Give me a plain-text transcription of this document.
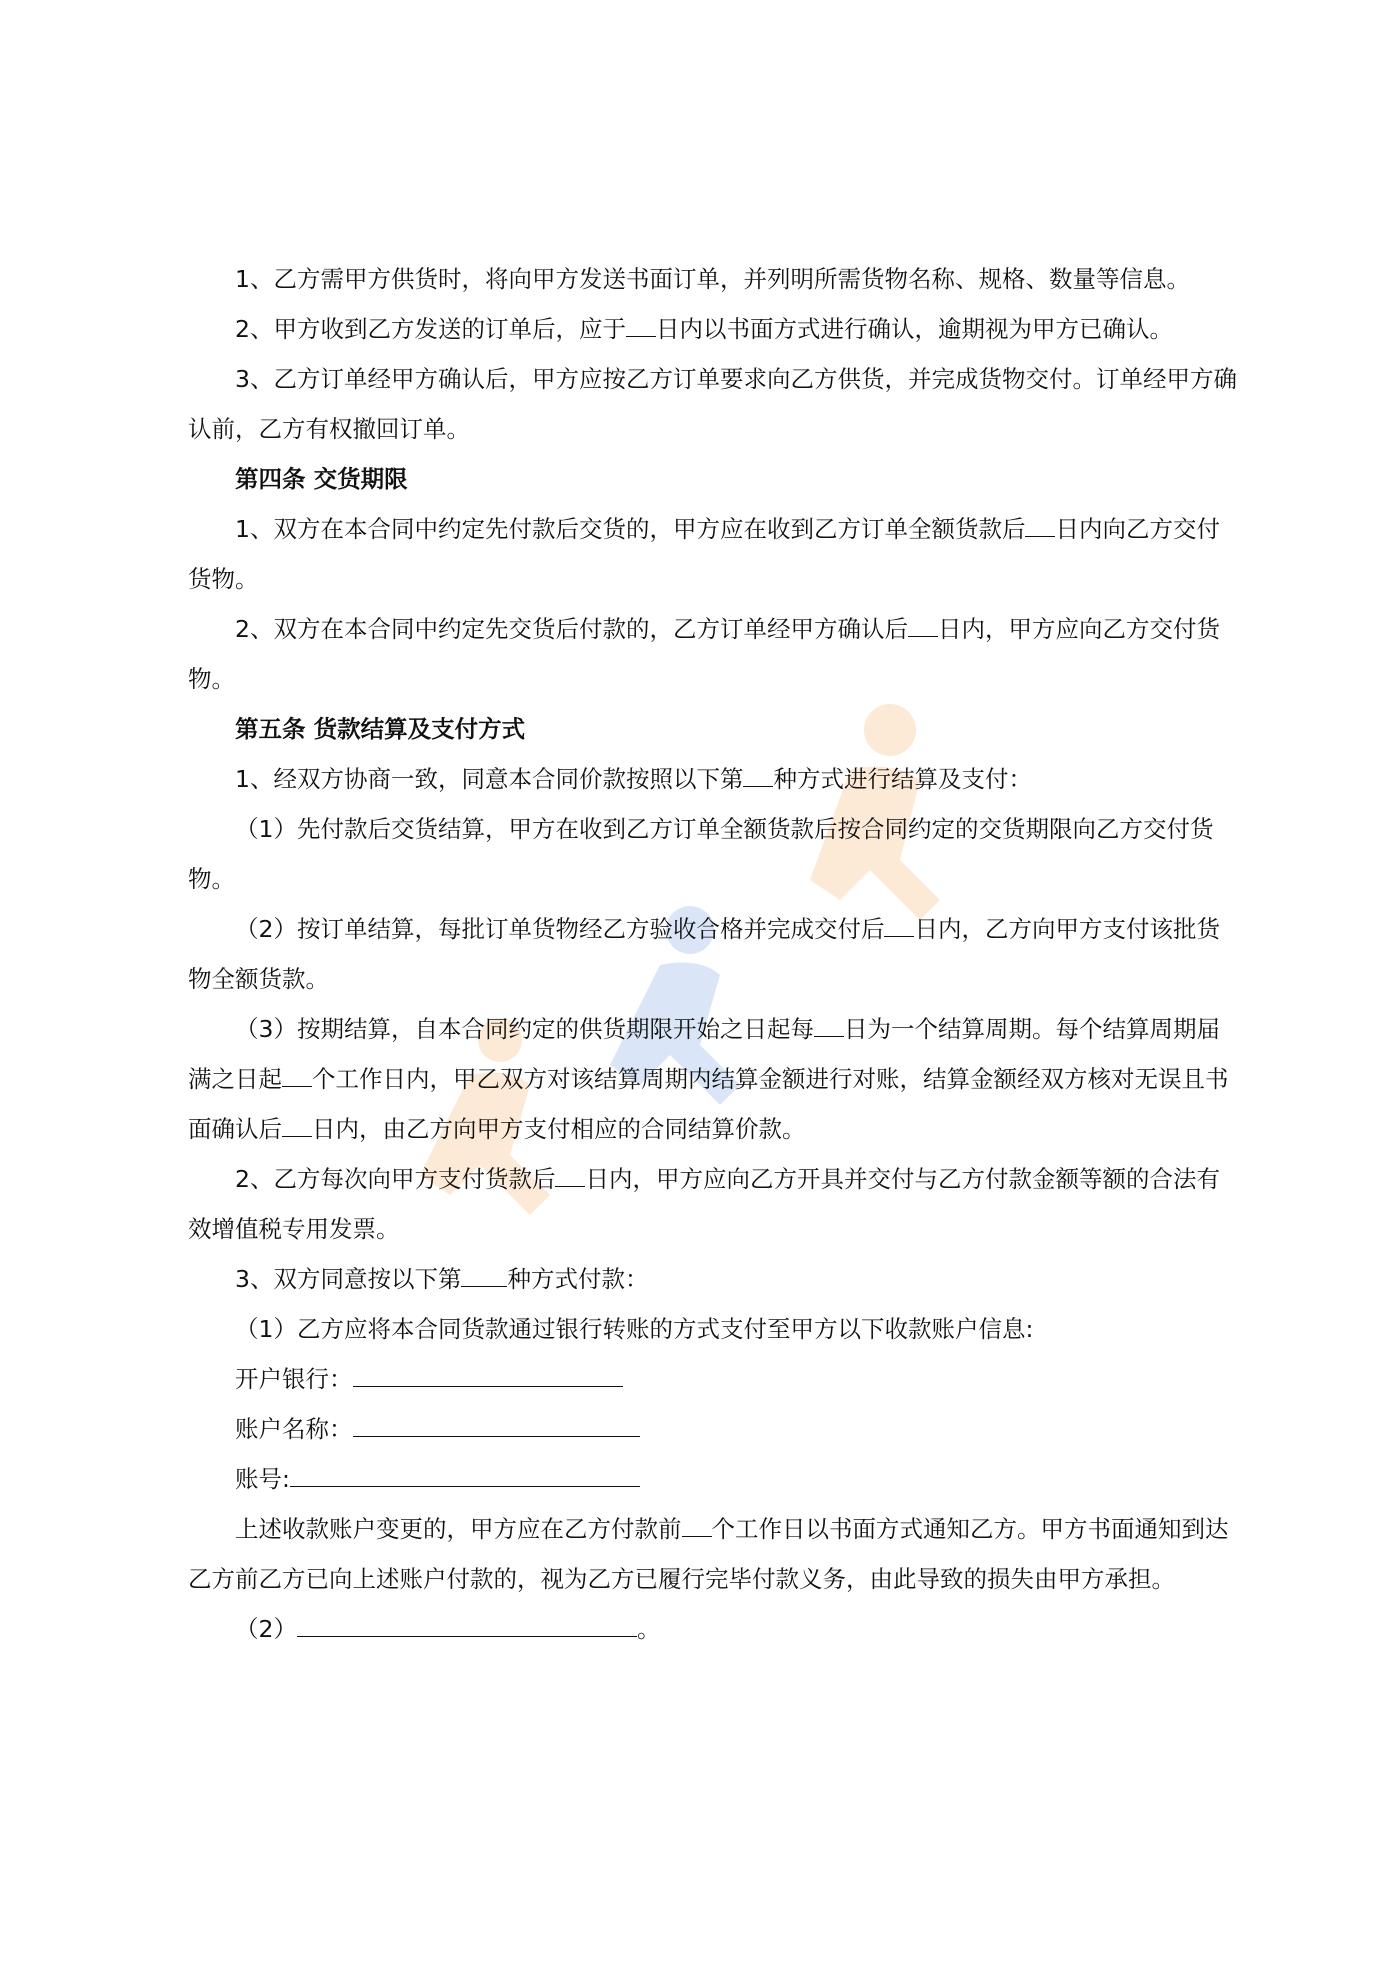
1、乙方需甲方供货时，将向甲方发送书面订单，并列明所需货物名称、规格、数量等信息。

2、甲方收到乙方发送的订单后，应于 日内以书面方式进行确认，逾期视为甲方已确认。

3、乙方订单经甲方确认后，甲方应按乙方订单要求向乙方供货，并完成货物交付。订单经甲方确认前，乙方有权撤回订单。

第四条 交货期限

1、双方在本合同中约定先付款后交货的，甲方应在收到乙方订单全额货款后 日内向乙方交付货物。

2、双方在本合同中约定先交货后付款的，乙方订单经甲方确认后 日内，甲方应向乙方交付货物。

第五条 货款结算及支付方式

1、经双方协商一致，同意本合同价款按照以下第 种方式进行结算及支付：

（1）先付款后交货结算，甲方在收到乙方订单全额货款后按合同约定的交货期限向乙方交付货物。

（2）按订单结算，每批订单货物经乙方验收合格并完成交付后 日内，乙方向甲方支付该批货物全额货款。

（3）按期结算，自本合同约定的供货期限开始之日起每 日为一个结算周期。每个结算周期届满之日起 个工作日内，甲乙双方对该结算周期内结算金额进行对账，结算金额经双方核对无误且书面确认后 日内，由乙方向甲方支付相应的合同结算价款。

2、乙方每次向甲方支付货款后 日内，甲方应向乙方开具并交付与乙方付款金额等额的合法有效增值税专用发票。

3、双方同意按以下第 种方式付款：

（1）乙方应将本合同货款通过银行转账的方式支付至甲方以下收款账户信息:

开户银行：

账户名称：

账号:

上述收款账户变更的，甲方应在乙方付款前 个工作日以书面方式通知乙方。甲方书面通知到达乙方前乙方已向上述账户付款的，视为乙方已履行完毕付款义务，由此导致的损失由甲方承担。

（2）	。
